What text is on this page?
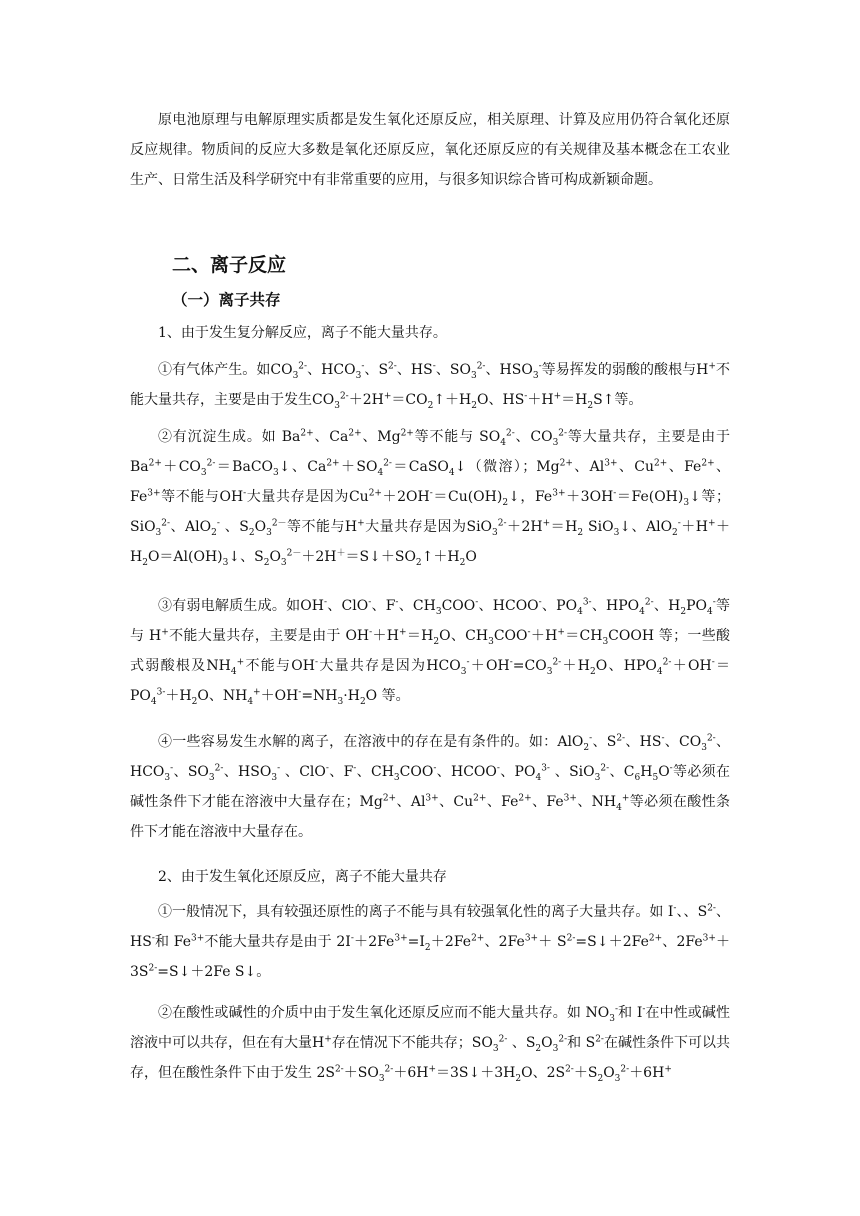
原电池原理与电解原理实质都是发生氧化还原反应，相关原理、计算及应用仍符合氧化还原反应规律。物质间的反应大多数是氧化还原反应，氧化还原反应的有关规律及基本概念在工农业生产、日常生活及科学研究中有非常重要的应用，与很多知识综合皆可构成新颖命题。
二、离子反应
（一）离子共存
1、由于发生复分解反应，离子不能大量共存。
①有气体产生。如$CO_3^{2-}$、$HCO_3^-$、$S^{2-}$、HS-、$SO_3^{2-}$、$HSO_3^-$等易挥发的弱酸的酸根与H+不能大量共存，主要是由于发生$CO_3^{2-}+2H^+=CO_2↑+H_2O$、$HS^-+H^+=H_2S↑$等。
②有沉淀生成。如 $Ba^{2+}$、$Ca^{2+}$、$Mg^{2+}$等不能与 $SO_4^{2-}$、$CO_3^{2-}$等大量共存，主要是由于$Ba^{2+}+CO_3^{2-}=BaCO_3↓$、$Ca^{2+}+SO_4^{2-}=CaSO_4↓$（微溶）；$Mg^{2+}$、$Al^{3+}$、$Cu^{2+}$、$Fe^{2+}$、$Fe^{3+}$等不能与OH-大量共存是因为$Cu^{2+}+2OH^-=Cu(OH)_2↓$，$Fe^{3+}+3OH^-=Fe(OH)_3↓$等；SiO$_3^{2-}$、AlO$_2$- 、$S_2O_3^{2-}$等不能与H+大量共存是因为$SiO_3^{2-}+2H^+=H_2$ SiO$_3$↓、$AlO_2^-+H^++H_2O=Al(OH)_3↓$、$S_2O_3^{2-}+2H^+=S↓+SO_2↑+H_2O$
③有弱电解质生成。如OH-、ClO-、F-、$CH_3COO^-$、HCOO-、$PO_4^{3-}$、$HPO_4^{2-}$、$H_2PO_4^-$等与 H+不能大量共存，主要是由于 $OH^-+H^+=H_2O$、$CH_3COO^-+H^+=CH_3COOH$ 等；一些酸式弱酸根及$NH_4^+$不能与OH-大量共存是因为$HCO_3^-+OH^-=CO_3^{2-}+H_2O$、$HPO_4^{2-}+OH^-=PO_4^{3-}+H_2O$、$NH_4^++OH^-=NH_3\cdot H_2O$ 等。
④一些容易发生水解的离子，在溶液中的存在是有条件的。如：AlO$_2$-、$S^{2-}$、HS-、$CO_3^{2-}$、$HCO_3^-$、$SO_3^{2-}$、$HSO_3^-$ 、ClO-、F-、$CH_3COO^-$、HCOO-、$PO_4^{3-}$ 、SiO$_3^{2-}$、$C_6H_5O^-$等必须在碱性条件下才能在溶液中大量存在；$Mg^{2+}$、$Al^{3+}$、$Cu^{2+}$、$Fe^{2+}$、$Fe^{3+}$、$NH_4^+$等必须在酸性条件下才能在溶液中大量存在。
2、由于发生氧化还原反应，离子不能大量共存
①一般情况下，具有较强还原性的离子不能与具有较强氧化性的离子大量共存。如 I-、、$S^{2-}$、HS-和 $Fe^{3+}$不能大量共存是由于 $2I^-+2Fe^{3+}=I_2+2Fe^{2+}$、$2Fe^{3+}+$ $S^{2-}=S↓+2Fe^{2+}$、$2Fe^{3+}+3S^{2-}=S↓+2Fe$ S↓。
②在酸性或碱性的介质中由于发生氧化还原反应而不能大量共存。如 $NO_3^-$和 I-在中性或碱性溶液中可以共存，但在有大量H+存在情况下不能共存；$SO_3^{2-}$ 、$S_2O_3^{2-}$和 $S^{2-}$在碱性条件下可以共存，但在酸性条件下由于发生 $2S^{2-}+SO_3^{2-}+6H^+=3S↓+3H_2O$、$2S^{2-}+S_2O_3^{2-}+6H^+$
